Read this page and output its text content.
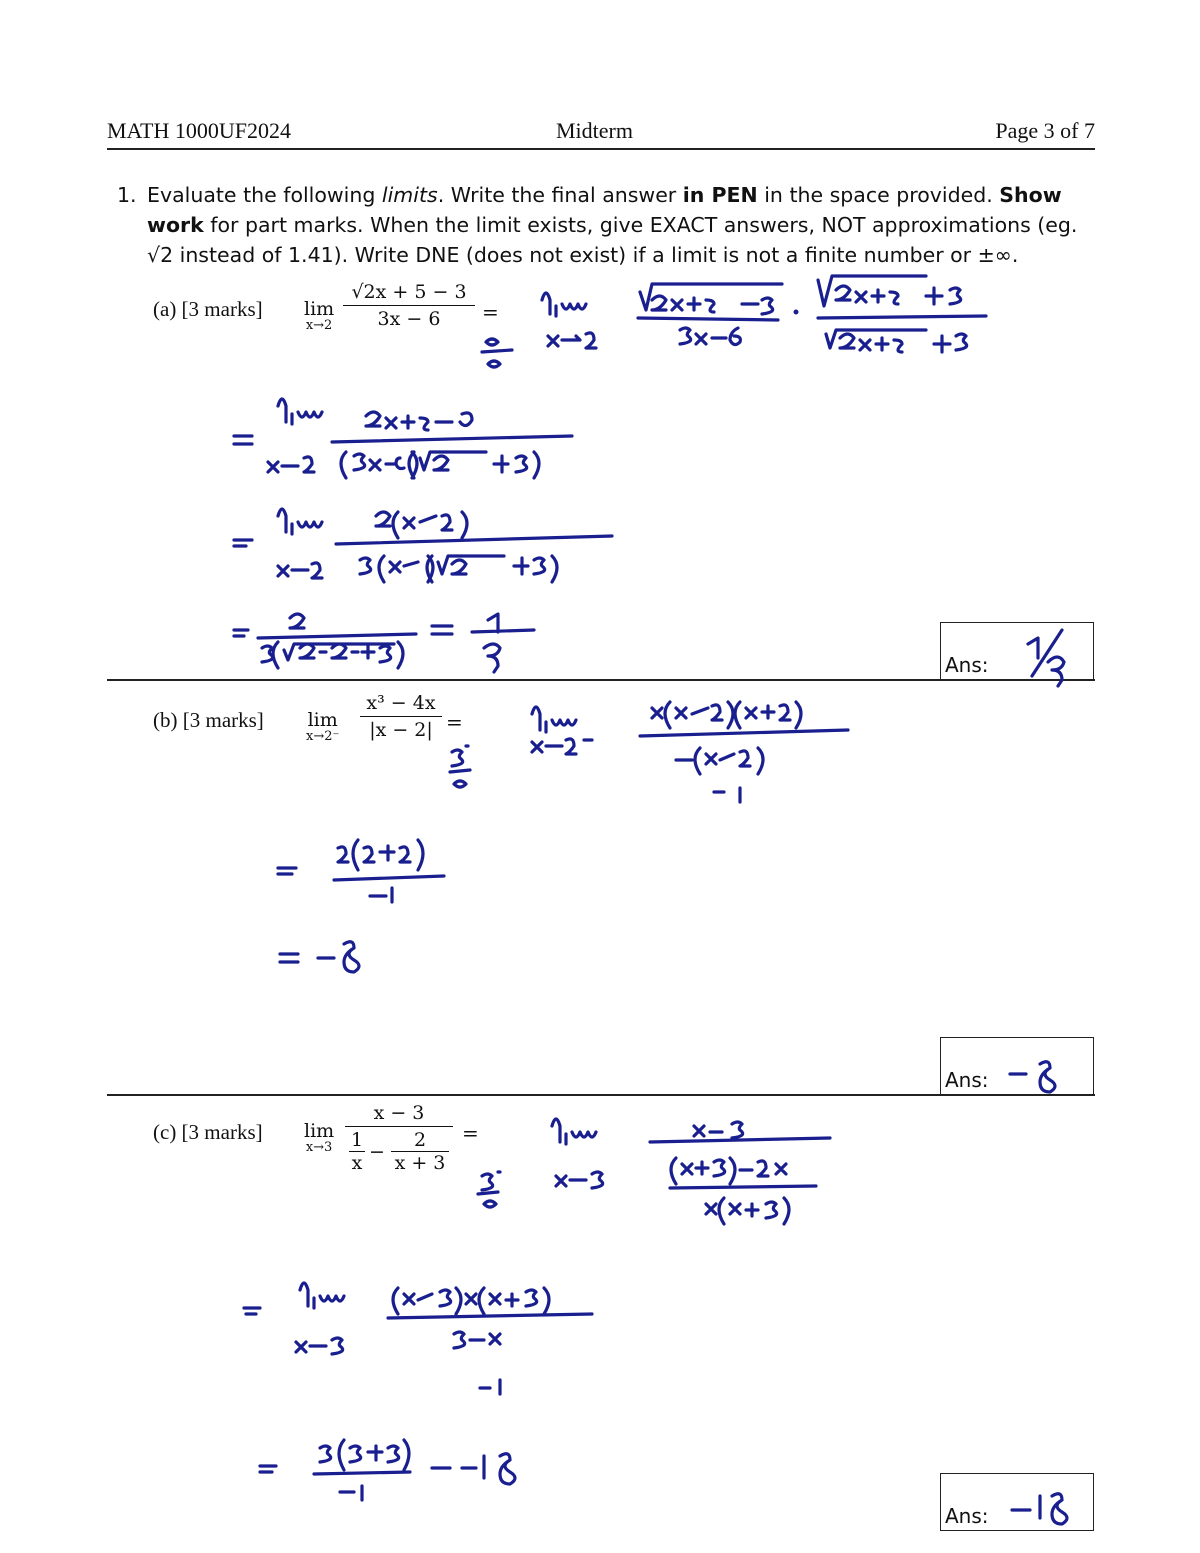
MATH 1000UF2024	Midterm	Page 3 of 7
1. Evaluate the following limits. Write the final answer in PEN in the space provided. Show work for part marks. When the limit exists, give EXACT answers, NOT approximations (eg. √2 instead of 1.41). Write DNE (does not exist) if a limit is not a finite number or ±∞.
(a) [3 marks] lim
x→2
√2x + 5 − 3
3x − 6	=
Ans:
(b) [3 marks] lim
x→2⁻
x³ − 4x
|x − 2| =
Ans:
(c) [3 marks] lim
x→3
x − 3
1
x
−
2
x + 3
=
Ans:
